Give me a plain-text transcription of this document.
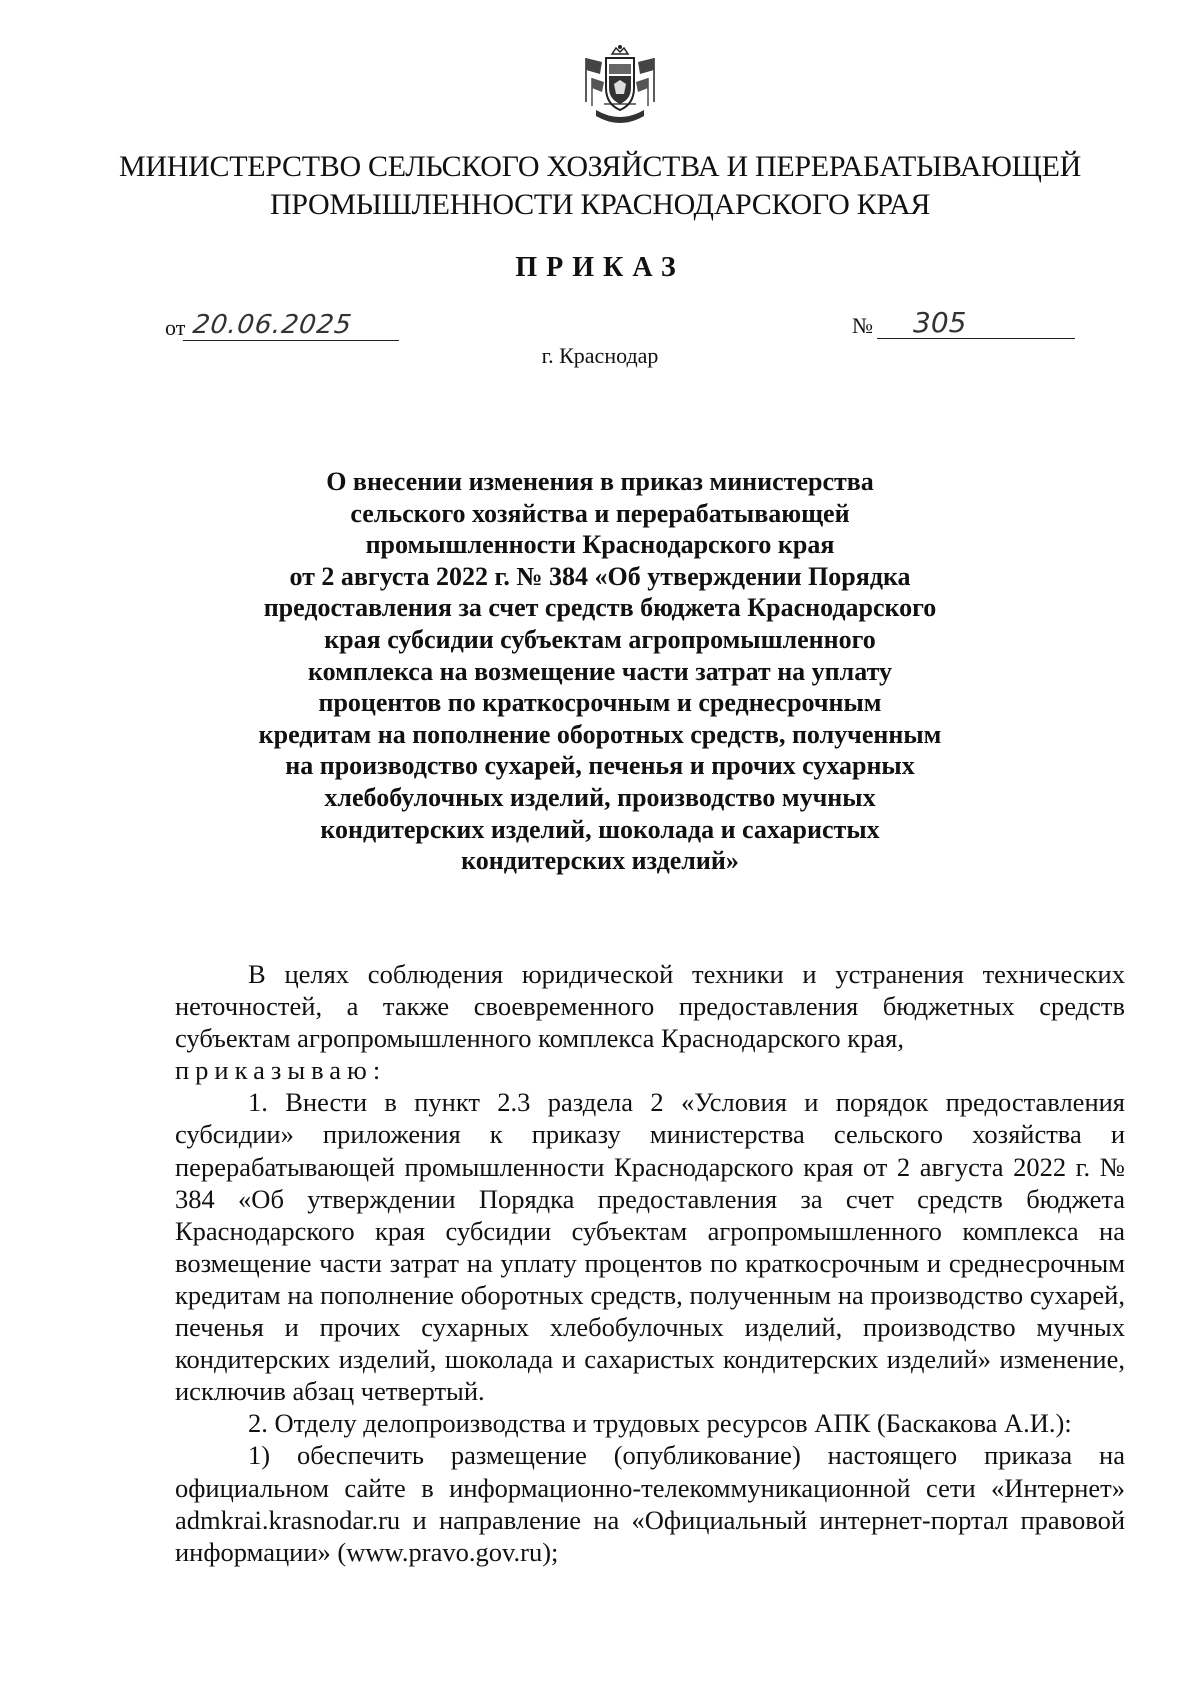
МИНИСТЕРСТВО СЕЛЬСКОГО ХОЗЯЙСТВА И ПЕРЕРАБАТЫВАЮЩЕЙ
ПРОМЫШЛЕННОСТИ КРАСНОДАРСКОГО КРАЯ
ПРИКАЗ
от 20.06.2025	№	305
г. Краснодар
О внесении изменения в приказ министерства
сельского хозяйства и перерабатывающей
промышленности Краснодарского края
от 2 августа 2022 г. № 384 «Об утверждении Порядка
предоставления за счет средств бюджета Краснодарского
края субсидии субъектам агропромышленного
комплекса на возмещение части затрат на уплату
процентов по краткосрочным и среднесрочным
кредитам на пополнение оборотных средств, полученным
на производство сухарей, печенья и прочих сухарных
хлебобулочных изделий, производство мучных
кондитерских изделий, шоколада и сахаристых
кондитерских изделий»

В целях соблюдения юридической техники и устранения технических неточностей, а также своевременного предоставления бюджетных средств субъектам агропромышленного комплекса Краснодарского края,

приказываю:

1. Внести в пункт 2.3 раздела 2 «Условия и порядок предоставления субсидии» приложения к приказу министерства сельского хозяйства и перерабатывающей промышленности Краснодарского края от 2 августа 2022 г. № 384 «Об утверждении Порядка предоставления за счет средств бюджета Краснодарского края субсидии субъектам агропромышленного комплекса на возмещение части затрат на уплату процентов по краткосрочным и среднесрочным кредитам на пополнение оборотных средств, полученным на производство сухарей, печенья и прочих сухарных хлебобулочных изделий, производство мучных кондитерских изделий, шоколада и сахаристых кондитерских изделий» изменение, исключив абзац четвертый.

2. Отделу делопроизводства и трудовых ресурсов АПК (Баскакова А.И.):

1) обеспечить размещение (опубликование) настоящего приказа на официальном сайте в информационно-телекоммуникационной сети «Интернет» admkrai.krasnodar.ru и направление на «Официальный интернет-портал правовой информации» (www.pravo.gov.ru);
